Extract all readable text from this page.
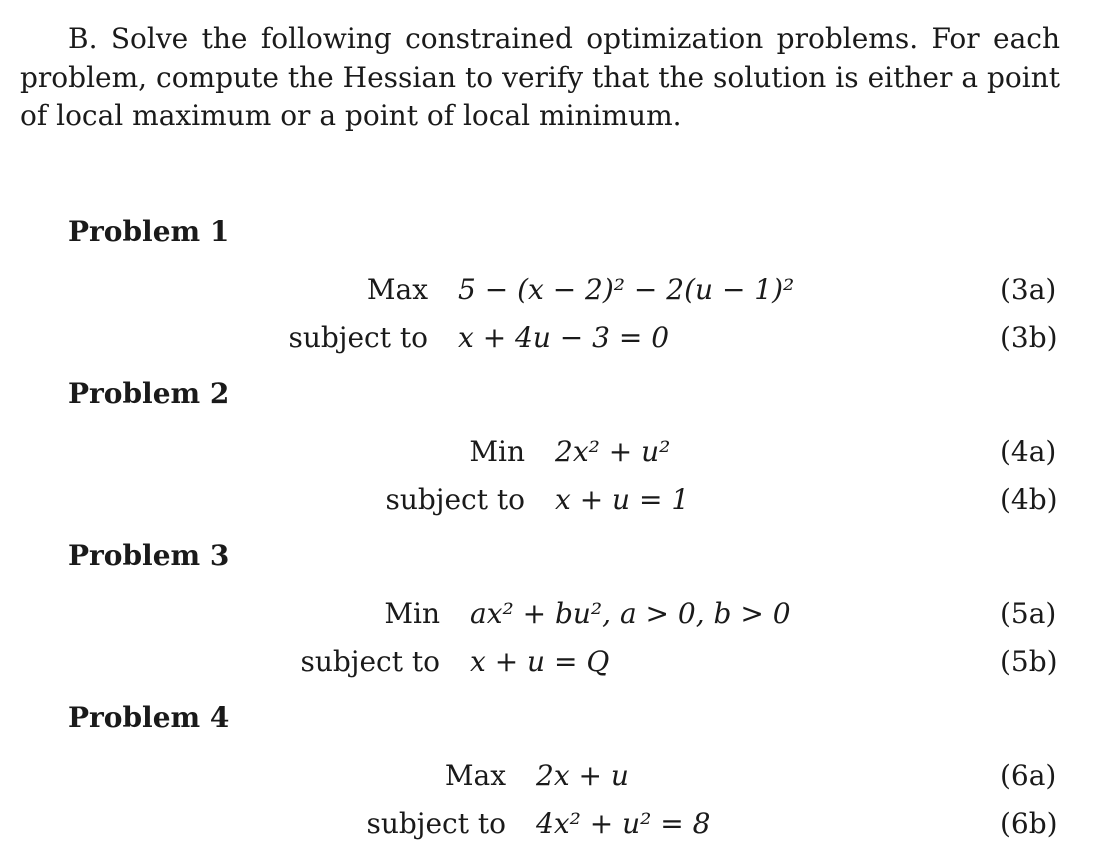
B. Solve the following constrained optimization problems. For each problem, compute the Hessian to verify that the solution is either a point of local maximum or a point of local minimum.

Problem 1
Max
subject to
5 − (x − 2)² − 2(u − 1)²
x + 4u − 3 = 0
(3a)
(3b)
Problem 2
Min
subject to
2x² + u²
x + u = 1
(4a)
(4b)
Problem 3
Min
subject to
ax² + bu², a > 0, b > 0
x + u = Q
(5a)
(5b)
Problem 4
Max
subject to
2x + u
4x² + u² = 8
(6a)
(6b)
